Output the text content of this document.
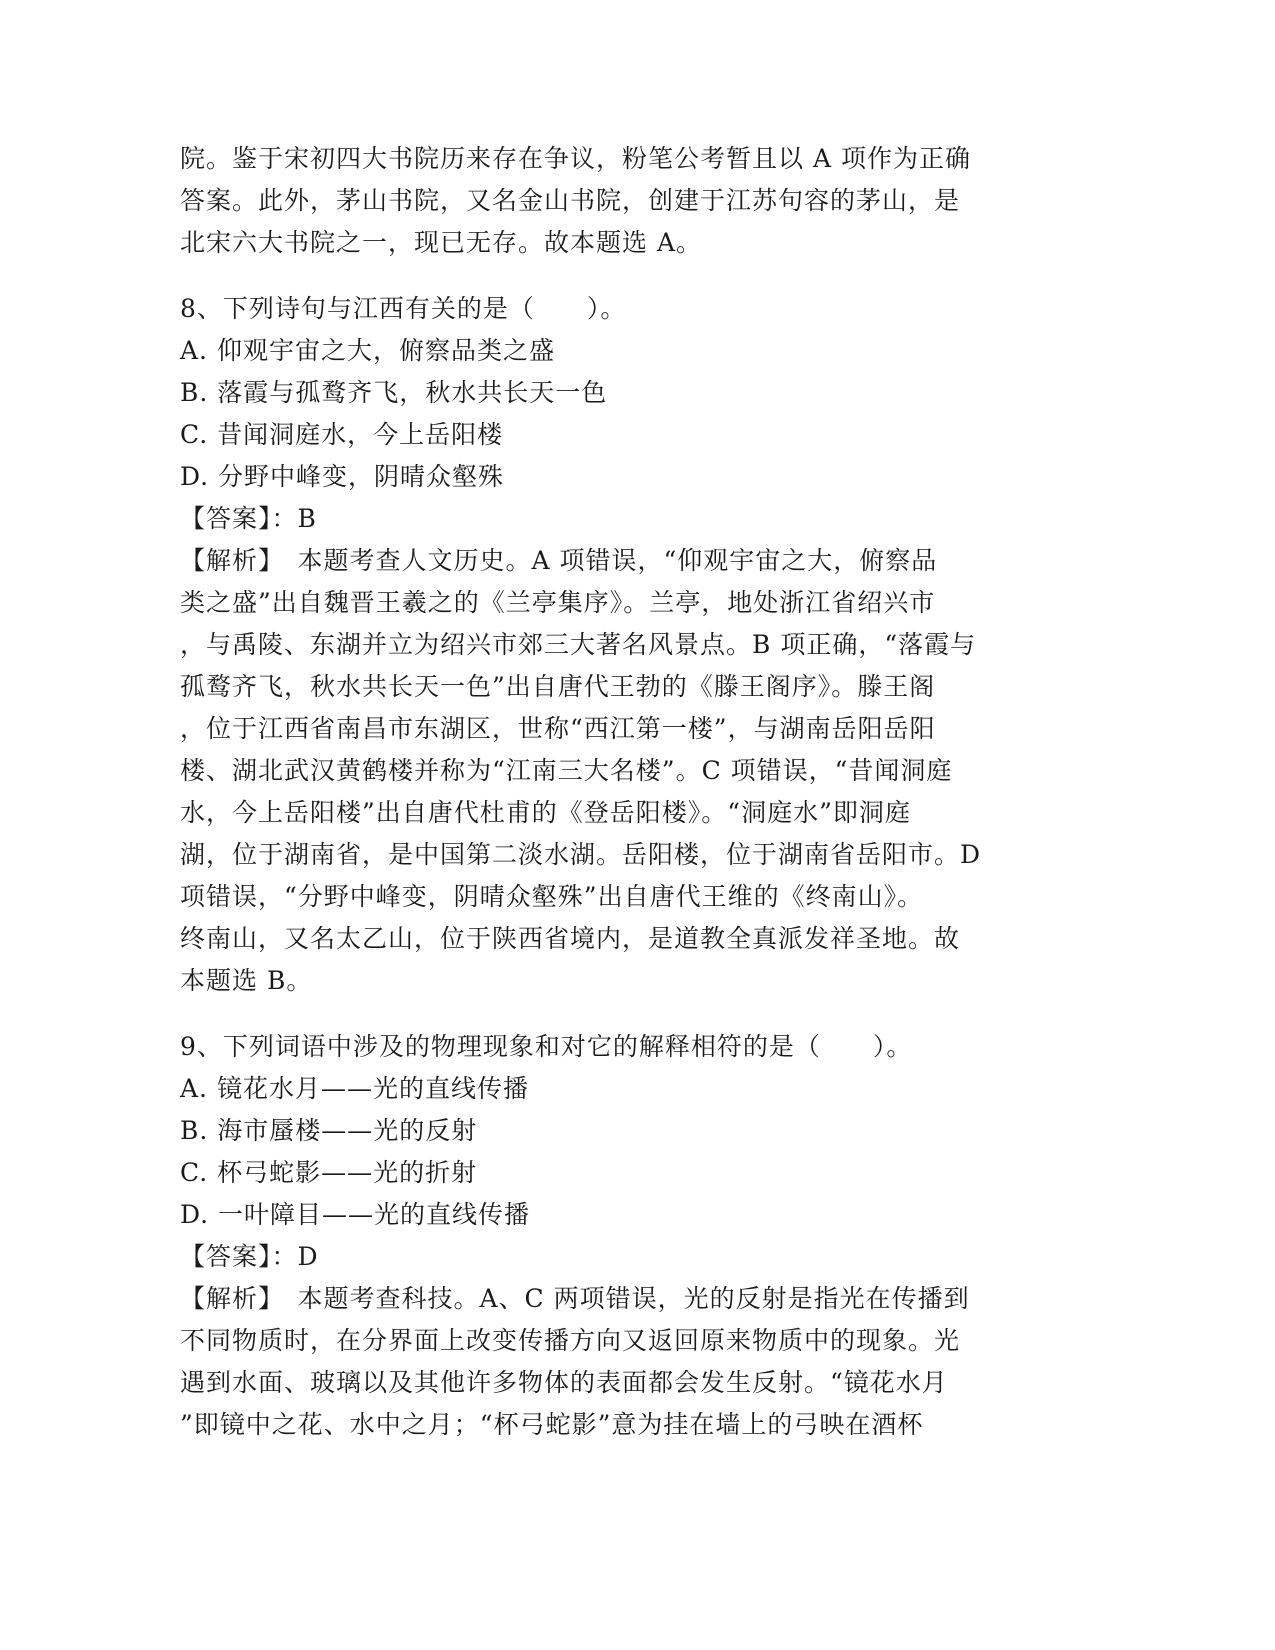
院。鉴于宋初四大书院历来存在争议，粉笔公考暂且以 A 项作为正确
答案。此外，茅山书院，又名金山书院，创建于江苏句容的茅山，是
北宋六大书院之一，现已无存。故本题选 A。
8、下列诗句与江西有关的是（　　）。
A. 仰观宇宙之大，俯察品类之盛
B. 落霞与孤鹜齐飞，秋水共长天一色
C. 昔闻洞庭水，今上岳阳楼
D. 分野中峰变，阴晴众壑殊
【答案】：B
【解析】　本题考查人文历史。A 项错误，“仰观宇宙之大，俯察品
类之盛”出自魏晋王羲之的《兰亭集序》。兰亭，地处浙江省绍兴市
，与禹陵、东湖并立为绍兴市郊三大著名风景点。B 项正确，“落霞与
孤鹜齐飞，秋水共长天一色”出自唐代王勃的《滕王阁序》。滕王阁
，位于江西省南昌市东湖区，世称“西江第一楼”，与湖南岳阳岳阳
楼、湖北武汉黄鹤楼并称为“江南三大名楼”。C 项错误，“昔闻洞庭
水，今上岳阳楼”出自唐代杜甫的《登岳阳楼》。“洞庭水”即洞庭
湖，位于湖南省，是中国第二淡水湖。岳阳楼，位于湖南省岳阳市。D
项错误，“分野中峰变，阴晴众壑殊”出自唐代王维的《终南山》。
终南山，又名太乙山，位于陕西省境内，是道教全真派发祥圣地。故
本题选 B。
9、下列词语中涉及的物理现象和对它的解释相符的是（　　）。
A. 镜花水月——光的直线传播
B. 海市蜃楼——光的反射
C. 杯弓蛇影——光的折射
D. 一叶障目——光的直线传播
【答案】：D
【解析】　本题考查科技。A、C 两项错误，光的反射是指光在传播到
不同物质时，在分界面上改变传播方向又返回原来物质中的现象。光
遇到水面、玻璃以及其他许多物体的表面都会发生反射。“镜花水月
”即镜中之花、水中之月；“杯弓蛇影”意为挂在墙上的弓映在酒杯
